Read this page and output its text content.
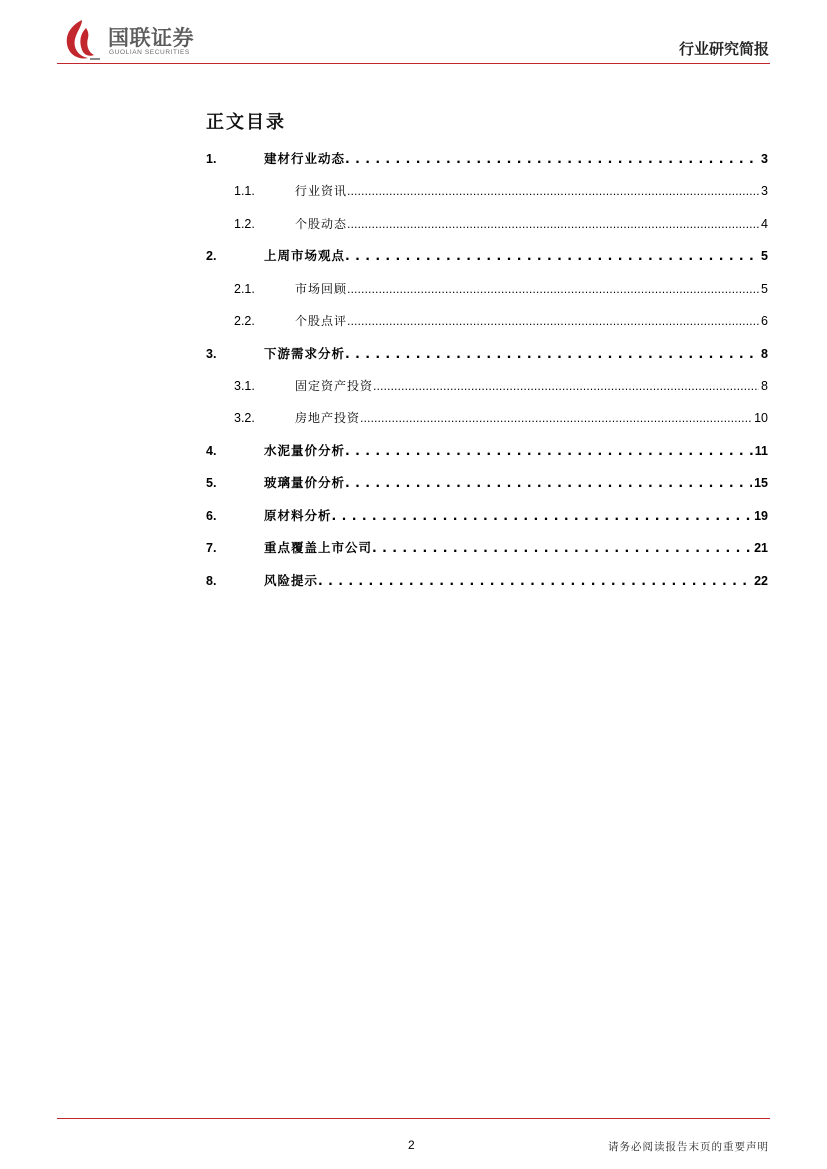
国联证券
GUOLIAN SECURITIES	行业研究简报
正文目录
1.	建材行业动态 . . .	3
1.1.	行业资讯 .....	3
1.2.	个股动态 .....	4
2.	上周市场观点 . . .	5
2.1.	市场回顾 .....	5
2.2.	个股点评 .....	6
3.	下游需求分析 . . .	8
3.1.	固定资产投资 .....	8
3.2.	房地产投资 .....	10
4.	水泥量价分析 . . .	11
5.	玻璃量价分析 . . .	15
6.	原材料分析 . . .	19
7.	重点覆盖上市公司 . . .	21
8.	风险提示 . . .	22
2	请务必阅读报告末页的重要声明
